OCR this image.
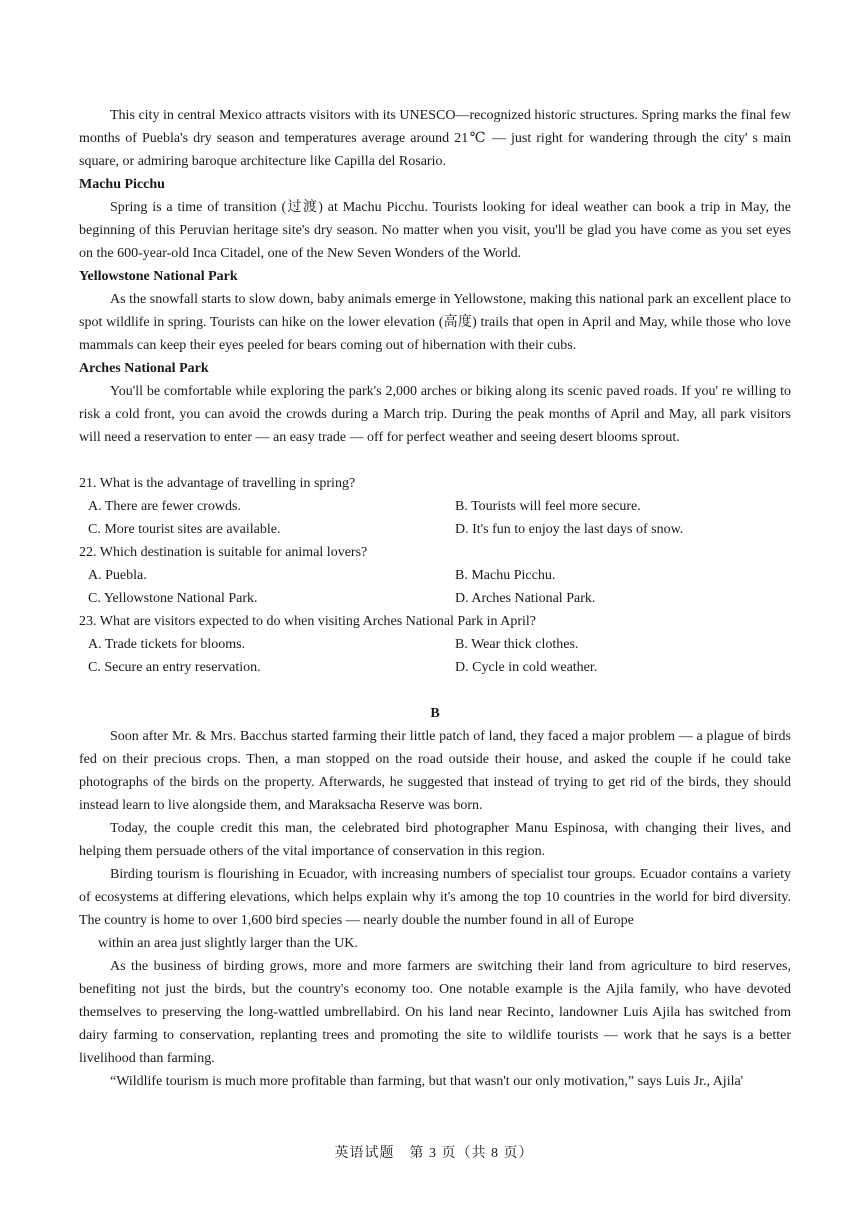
This city in central Mexico attracts visitors with its UNESCO—recognized historic structures. Spring marks the final few months of Puebla's dry season and temperatures average around 21℃ — just right for wandering through the city' s main square, or admiring baroque architecture like Capilla del Rosario.

Machu Picchu

Spring is a time of transition (过渡) at Machu Picchu. Tourists looking for ideal weather can book a trip in May, the beginning of this Peruvian heritage site's dry season. No matter when you visit, you'll be glad you have come as you set eyes on the 600-year-old Inca Citadel, one of the New Seven Wonders of the World.

Yellowstone National Park

As the snowfall starts to slow down, baby animals emerge in Yellowstone, making this national park an excellent place to spot wildlife in spring. Tourists can hike on the lower elevation (高度) trails that open in April and May, while those who love mammals can keep their eyes peeled for bears coming out of hibernation with their cubs.

Arches National Park

You'll be comfortable while exploring the park's 2,000 arches or biking along its scenic paved roads. If you' re willing to risk a cold front, you can avoid the crowds during a March trip. During the peak months of April and May, all park visitors will need a reservation to enter — an easy trade — off for perfect weather and seeing desert blooms sprout.

21. What is the advantage of travelling in spring?

A. There are fewer crowds.	B. Tourists will feel more secure.
C. More tourist sites are available.	D. It's fun to enjoy the last days of snow.

22. Which destination is suitable for animal lovers?

A. Puebla.	B. Machu Picchu.
C. Yellowstone National Park.	D. Arches National Park.

23. What are visitors expected to do when visiting Arches National Park in April?

A. Trade tickets for blooms.	B. Wear thick clothes.
C. Secure an entry reservation.	D. Cycle in cold weather.

B

Soon after Mr. & Mrs. Bacchus started farming their little patch of land, they faced a major problem — a plague of birds fed on their precious crops. Then, a man stopped on the road outside their house, and asked the couple if he could take photographs of the birds on the property. Afterwards, he suggested that instead of trying to get rid of the birds, they should instead learn to live alongside them, and Maraksacha Reserve was born.

Today, the couple credit this man, the celebrated bird photographer Manu Espinosa, with changing their lives, and helping them persuade others of the vital importance of conservation in this region.

Birding tourism is flourishing in Ecuador, with increasing numbers of specialist tour groups. Ecuador contains a variety of ecosystems at differing elevations, which helps explain why it's among the top 10 countries in the world for bird diversity. The country is home to over 1,600 bird species — nearly double the number found in all of Europe

within an area just slightly larger than the UK.

As the business of birding grows, more and more farmers are switching their land from agriculture to bird reserves, benefiting not just the birds, but the country's economy too. One notable example is the Ajila family, who have devoted themselves to preserving the long-wattled umbrellabird. On his land near Recinto, landowner Luis Ajila has switched from dairy farming to conservation, replanting trees and promoting the site to wildlife tourists — work that he says is a better livelihood than farming.

“Wildlife tourism is much more profitable than farming, but that wasn't our only motivation,” says Luis Jr., Ajila'

英语试题　第 3 页（共 8 页）
